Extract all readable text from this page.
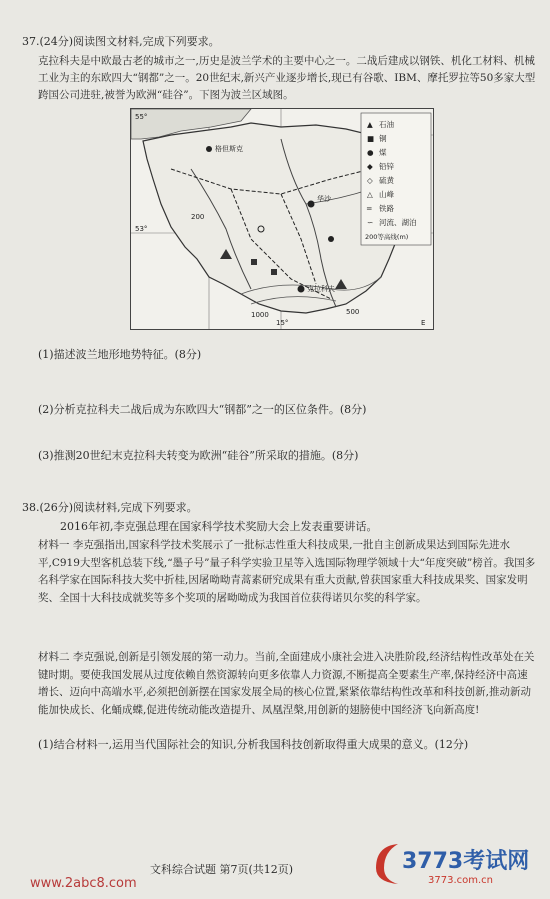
37.(24分)阅读图文材料,完成下列要求。
克拉科夫是中欧最古老的城市之一,历史是波兰学术的主要中心之一。二战后建成以钢铁、机化工材料、机械工业为主的东欧四大“钢都”之一。20世纪末,新兴产业逐步增长,现已有谷歌、IBM、摩托罗拉等50多家大型跨国公司进驻,被誉为欧洲“硅谷”。下图为波兰区域图。
▲ 石油
■ 铜
● 煤
◆ 铅锌
◇ 硫黄
△ 山峰
═ 铁路
∽ 河流、湖泊
200等高线(m)
55°
53°
15°
格但斯克
华沙
克拉科夫
1000
200
500
E
(1)描述波兰地形地势特征。(8分)
(2)分析克拉科夫二战后成为东欧四大“钢都”之一的区位条件。(8分)
(3)推测20世纪末克拉科夫转变为欧洲“硅谷”所采取的措施。(8分)
38.(26分)阅读材料,完成下列要求。
2016年初,李克强总理在国家科学技术奖励大会上发表重要讲话。
材料一 李克强指出,国家科学技术奖展示了一批标志性重大科技成果,一批自主创新成果达到国际先进水平,C919大型客机总装下线,“墨子号”量子科学实验卫星等入选国际物理学领域十大“年度突破”榜首。我国多名科学家在国际科技大奖中折桂,因屠呦呦青蒿素研究成果有重大贡献,曾获国家重大科技成果奖、国家发明奖、全国十大科技成就奖等多个奖项的屠呦呦成为我国首位获得诺贝尔奖的科学家。
材料二 李克强说,创新是引领发展的第一动力。当前,全面建成小康社会进入决胜阶段,经济结构性改革处在关键时期。要使我国发展从过度依赖自然资源转向更多依靠人力资源,不断提高全要素生产率,保持经济中高速增长、迈向中高端水平,必须把创新摆在国家发展全局的核心位置,紧紧依靠结构性改革和科技创新,推动新动能加快成长、化蛹成蝶,促进传统动能改造提升、凤凰涅槃,用创新的翅膀使中国经济飞向新高度!
(1)结合材料一,运用当代国际社会的知识,分析我国科技创新取得重大成果的意义。(12分)
文科综合试题 第7页(共12页)
www.2abc8.com
3773考试网
3773.com.cn
